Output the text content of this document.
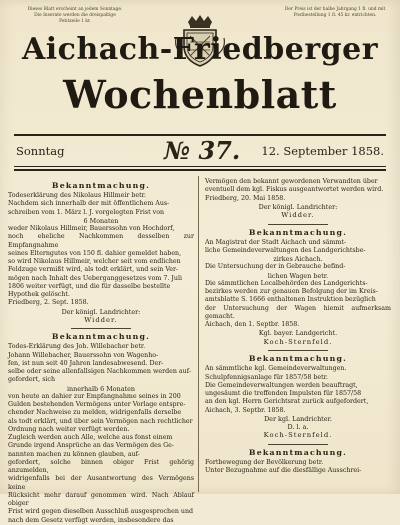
Dieses Blatt erscheint an jedem Sonntage. Die Inserate werden die dreispaltige Petitzeile 1 kr.
Der Preis ist der halbe Jahrgang 1 fl. und mit Postbestellung 1 fl. 45 kr. entrichten.
Aichach-Friedberger
Wochenblatt
Sonntag	№ 37. 12. September 1858.
Bekanntmachung.

Todeserklärung des Nikolaus Hillmeir betr.

Nachdem sich innerhalb der mit öffentlichem Aus-

schreiben vom 1. März l. J. vorgelegten Frist von

6 Monaten

weder Nikolaus Hillmeir, Bauerssohn von Hochdorf,

noch eheliche Nachkommen desselben zur Empfangnahme

seines Elterngutes von 150 fl. dahier gemeldet haben,

so wird Nikolaus Hillmeir, welcher seit vom endlichen

Feldzuge vermißt wird, als todt erklärt, und sein Ver-

mögen nach Inhalt des Ueberganggesetzes vom 7. Juli

1806 weiter verfügt, und die für dasselbe bestellte

Hypothek gelöscht.

Friedberg, 2. Sept. 1858.

Der königl. Landrichter:

Widder.

Bekanntmachung.

Todes-Erklärung des Joh. Willebacher betr.

Johann Willebacher, Bauerssohn von Wagenho-

fen, ist nun seit 40 Jahren landesabwesend. Der-

selbe oder seine allenfallsigen Nachkommen werden auf-

gefordert, sich

innerhalb 6 Monaten

von heute an dahier zur Empfangnahme seines in 200

Gulden bestehenden Vermögens unter Vorlage entspre-

chender Nachweise zu melden, widrigenfalls derselbe

als todt erklärt, und über sein Vermögen nach rechtlicher

Ordnung nach weiter verfügt werden.

Zugleich werden auch Alle, welche aus fonst einem

Grunde irgend Ansprüche an das Vermögen des Ge-

nannten machen zu können glauben, auf-

gefordert, solche binnen obiger Frist gehörig anzumelden,

widrigenfalls bei der Ausantwortung des Vermögens keine

Rücksicht mehr darauf genommen wird. Nach Ablauf obiger

Frist wird gegen dieselben Ausschluß ausgesprochen und

nach dem Gesetz verfügt werden, insbesondere das

Vermögen den bekannt gewordenen Verwandten über

eventuell dem kgl. Fiskus ausgeantwortet werden wird.

Friedberg, 20. Mai 1858.

Der königl. Landrichter:

Widder.

Bekanntmachung.

An Magistrat der Stadt Aichach und sämmt-

liche Gemeindeverwaltungen des Landgerichtsbe-

zirkes Aichach.

Die Untersuchung der in Gebrauche befind-

lichen Wagen betr.

Die sämmtlichen Localbehörden des Landgerichts-

bezirkes werden zur genauen Befolgung der im Kreis-

amtsblatte S. 1666 enthaltenen Instruktion bezüglich

der Untersuchung der Wagen hiemit aufmerksam gemacht.

Aichach, den 1. Septbr. 1858.

Kgl. bayer. Landgericht.

Koch-Sternfeld.

Bekanntmachung.

An sämmtliche kgl. Gemeindeverwaltungen.

Schulpfennigsanlage für 1857/58 betr.

Die Gemeindeverwaltungen werden beauftragt,

ungesäumt die treffenden Impulsten für 1857/58

an den kgl. Herrn Gerichtsrat zurück aufgefordert,

Aichach, 3. Septbr. 1858.

Der kgl. Landrichter.

D. l. a.

Koch-Sternfeld.

Bekanntmachung.

Fortbewegung der Bevölkerung betr.

Unter Bezugnahme auf die diesfällige Ausschrei-
